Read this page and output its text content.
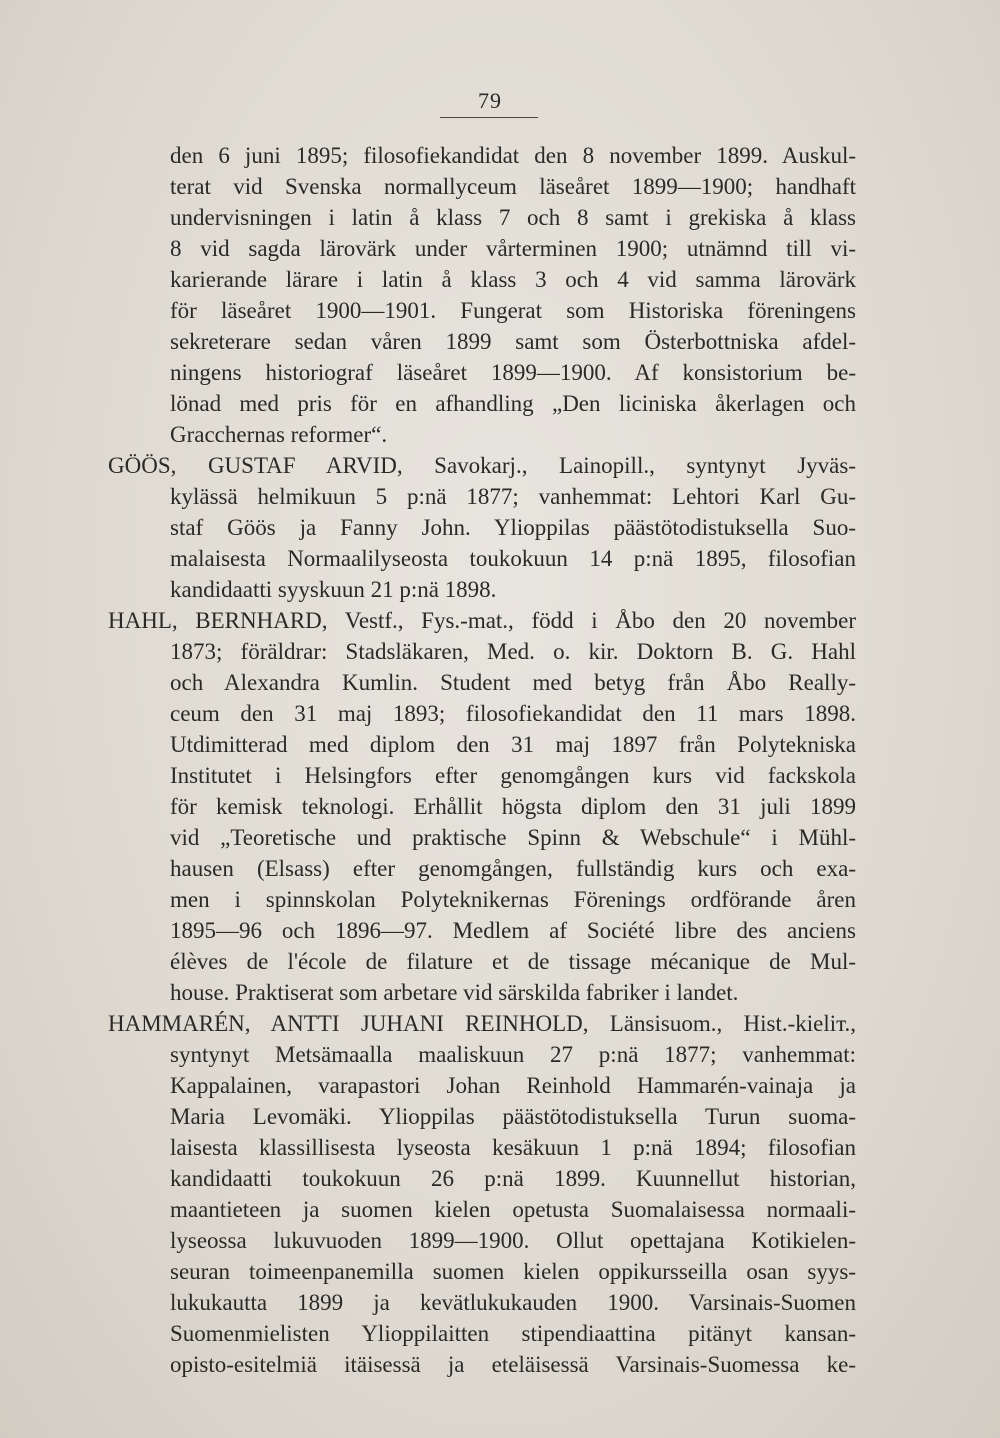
79
den 6 juni 1895; filosofiekandidat den 8 november 1899. Auskul-
terat vid Svenska normallyceum läseåret 1899—1900; handhaft
undervisningen i latin å klass 7 och 8 samt i grekiska å klass
8 vid sagda lärovärk under vårterminen 1900; utnämnd till vi-
karierande lärare i latin å klass 3 och 4 vid samma lärovärk
för läseåret 1900—1901. Fungerat som Historiska föreningens
sekreterare sedan våren 1899 samt som Österbottniska afdel-
ningens historiograf läseåret 1899—1900. Af konsistorium be-
lönad med pris för en afhandling „Den liciniska åkerlagen och
Gracchernas reformer“.
GÖÖS, GUSTAF ARVID, Savokarj., Lainopill., syntynyt Jyväs-
kylässä helmikuun 5 p:nä 1877; vanhemmat: Lehtori Karl Gu-
staf Göös ja Fanny John. Ylioppilas päästötodistuksella Suo-
malaisesta Normaalilyseosta toukokuun 14 p:nä 1895, filosofian
kandidaatti syyskuun 21 p:nä 1898.
HAHL, BERNHARD, Vestf., Fys.-mat., född i Åbo den 20 november
1873; föräldrar: Stadsläkaren, Med. o. kir. Doktorn B. G. Hahl
och Alexandra Kumlin. Student med betyg från Åbo Reallу-
ceum den 31 maj 1893; filosofiekandidat den 11 mars 1898.
Utdimitterad med diplom den 31 maj 1897 från Polytekniska
Institutet i Helsingfors efter genomgången kurs vid fackskola
för kemisk teknologi. Erhållit högsta diplom den 31 juli 1899
vid „Teoretische und praktische Spinn & Webschule“ i Mühl-
hausen (Elsass) efter genomgången, fullständig kurs och exa-
men i spinnskolan Polyteknikernas Förenings ordförande åren
1895—96 och 1896—97. Medlem af Société libre des anciens
élèves de l'école de filature et de tissage mécanique de Mul-
house. Praktiserat som arbetare vid särskilda fabriker i landet.
HAMMARÉN, ANTTI JUHANI REINHOLD, Länsisuom., Hist.-kieliт.,
syntynyt Metsämaalla maaliskuun 27 p:nä 1877; vanhemmat:
Kappalainen, varapastori Johan Reinhold Hammarén-vainaja ja
Maria Levomäki. Ylioppilas päästötodistuksella Turun suoma-
laisesta klassillisesta lyseosta kesäkuun 1 p:nä 1894; filosofian
kandidaatti toukokuun 26 p:nä 1899. Kuunnellut historian,
maantieteen ja suomen kielen opetusta Suomalaisessa normaali-
lyseossa lukuvuoden 1899—1900. Ollut opettajana Kotikielen-
seuran toimeenpanemilla suomen kielen oppikursseilla osan syys-
lukukautta 1899 ja kevätlukukauden 1900. Varsinais-Suomen
Suomenmielisten Ylioppilaitten stipendiaattina pitänyt kansan-
opisto-esitelmiä itäisessä ja eteläisessä Varsinais-Suomessa ke-
